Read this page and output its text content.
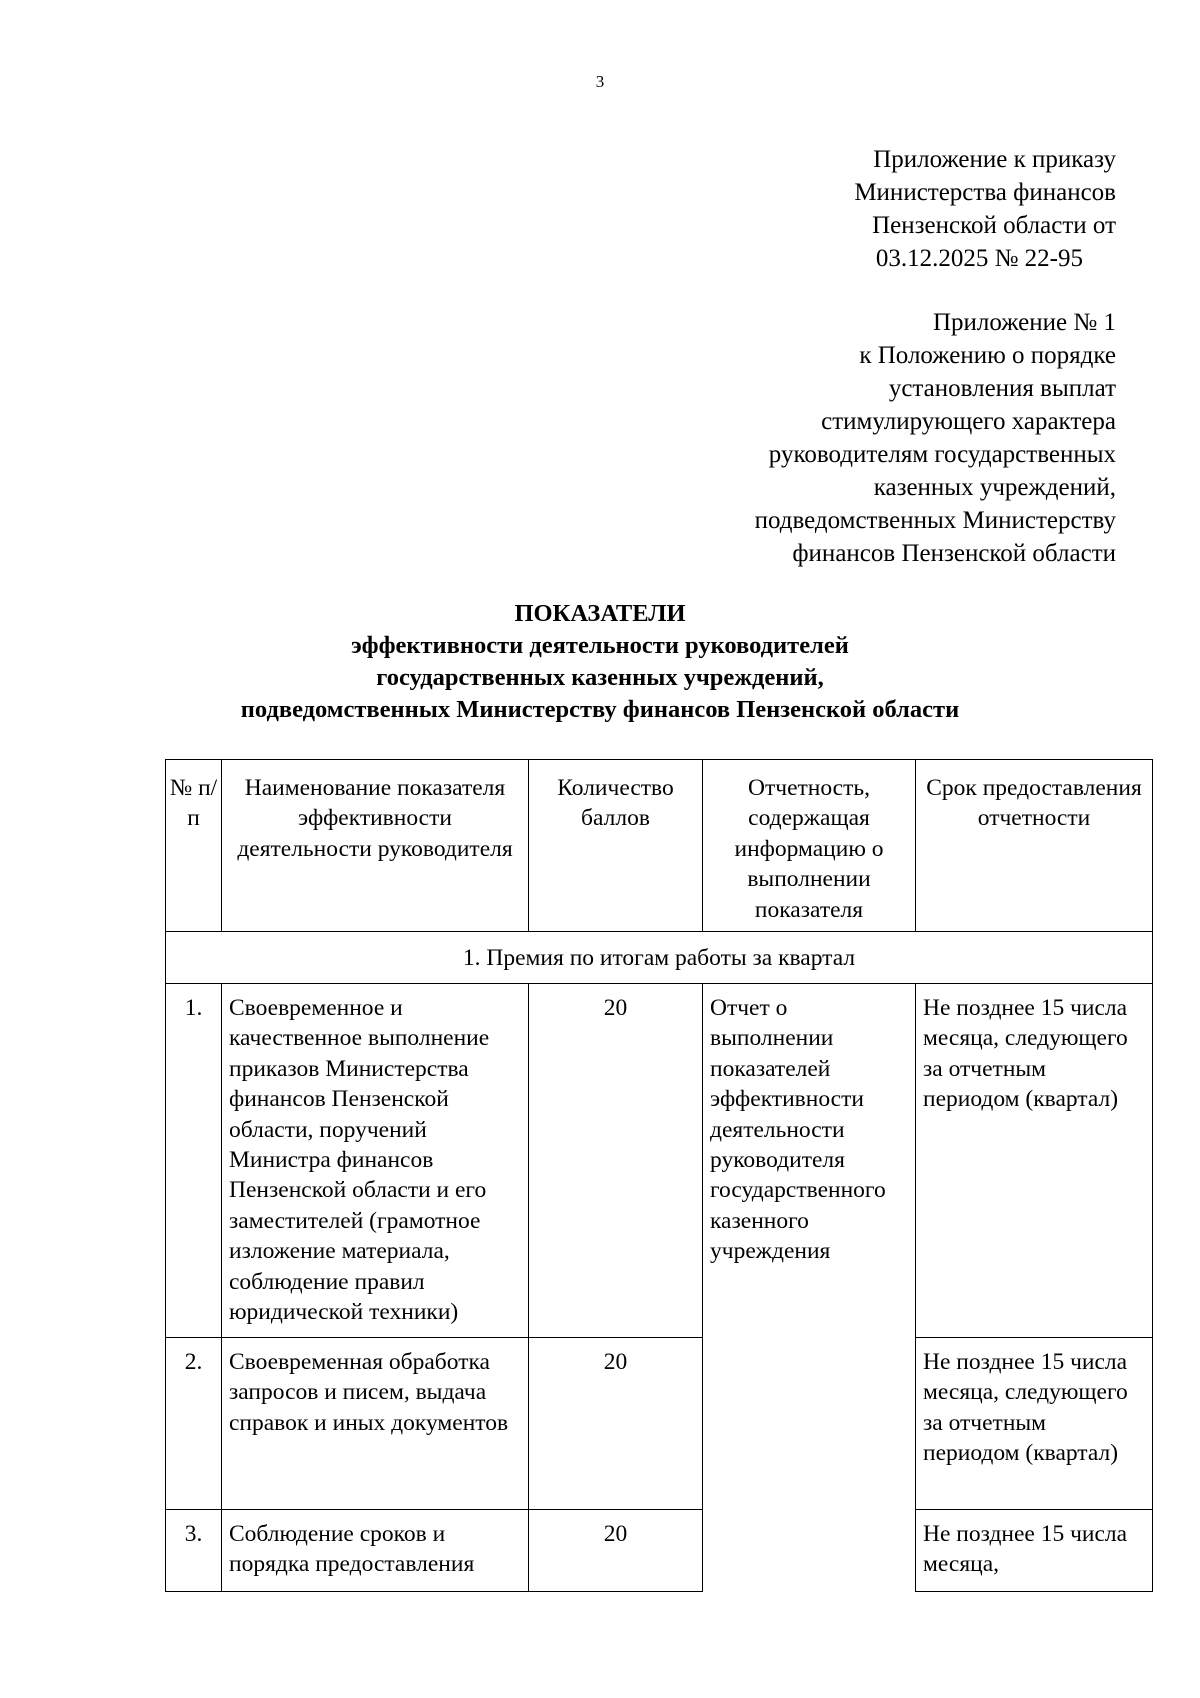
3
Приложение к приказу
Министерства финансов
Пензенской области от
03.12.2025 № 22-95
Приложение № 1
к Положению о порядке
установления выплат
стимулирующего характера
руководителям государственных
казенных учреждений,
подведомственных Министерству
финансов Пензенской области
ПОКАЗАТЕЛИ
эффективности деятельности руководителей
государственных казенных учреждений,
подведомственных Министерству финансов Пензенской области
№ п/п	Наименование показателя эффективности деятельности руководителя	Количество баллов	Отчетность, содержащая информацию о выполнении показателя	Срок предоставления отчетности

1. Премия по итогам работы за квартал				

1.	Своевременное и качественное выполнение приказов Министерства финансов Пензенской области, поручений Министра финансов Пензенской области и его заместителей (грамотное изложение материала, соблюдение правил юридической техники)	20	Отчет о выполнении показателей эффективности деятельности руководителя государственного казенного учреждения	Не позднее 15 числа месяца, следующего за отчетным периодом (квартал)

2.	Своевременная обработка запросов и писем, выдача справок и иных документов	20		Не позднее 15 числа месяца, следующего за отчетным периодом (квартал)

3.	Соблюдение сроков и порядка предоставления	20		Не позднее 15 числа месяца,
